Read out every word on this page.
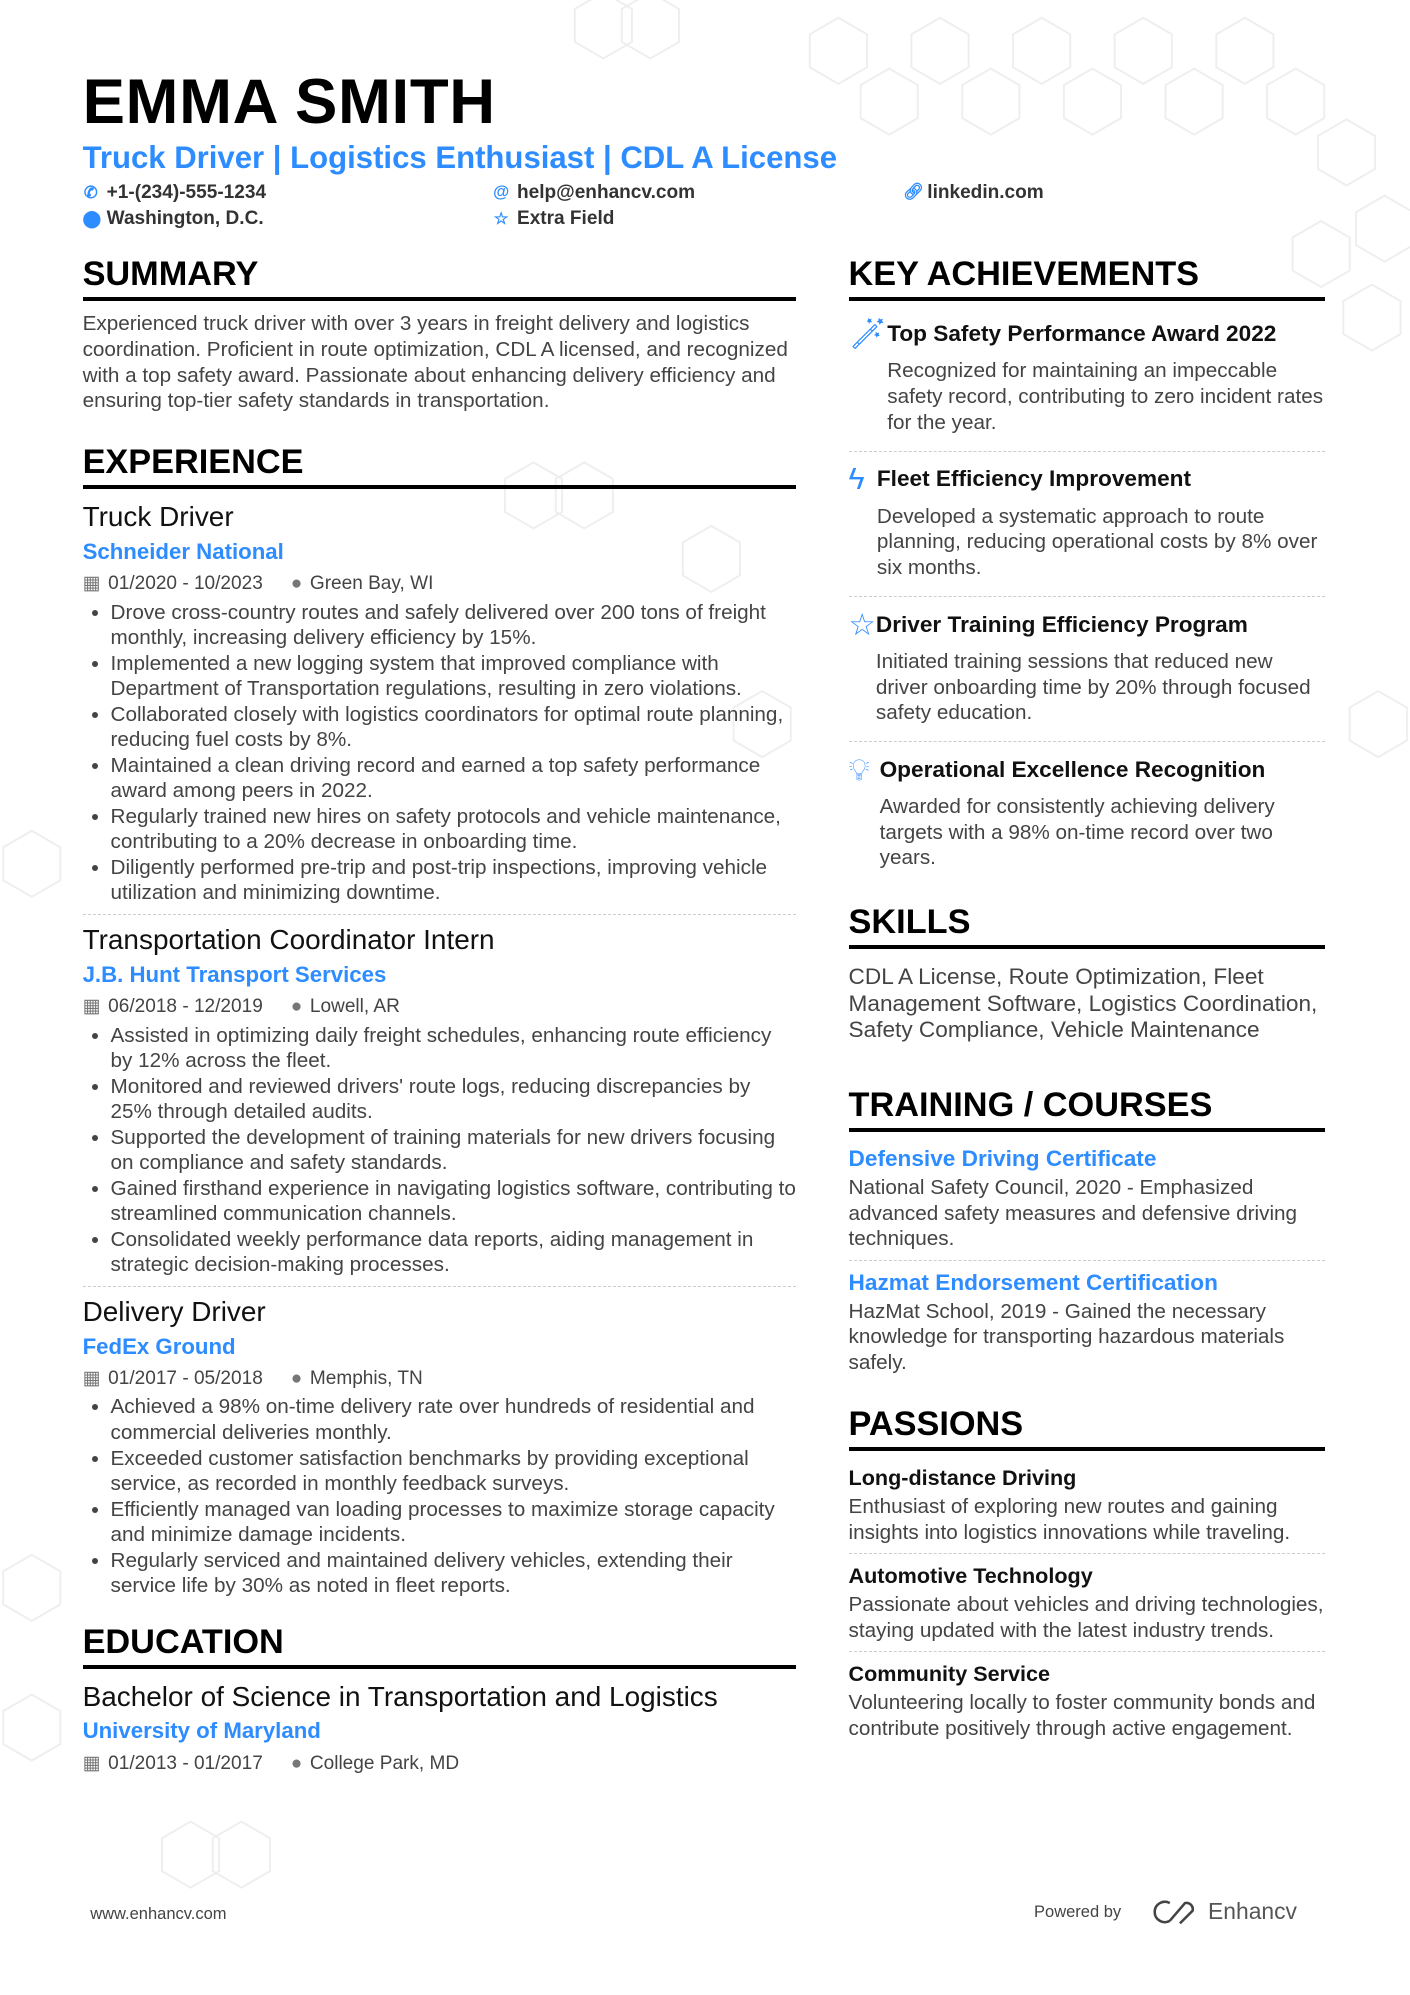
EMMA SMITH
Truck Driver | Logistics Enthusiast | CDL A License
✆ +1-(234)-555-1234	@ help@enhancv.com	🔗︎ linkedin.com
⬤ Washington, D.C.	☆ Extra Field
SUMMARY
Experienced truck driver with over 3 years in freight delivery and logistics coordination. Proficient in route optimization, CDL A licensed, and recognized with a top safety award. Passionate about enhancing delivery efficiency and ensuring top-tier safety standards in transportation.
EXPERIENCE
Truck Driver
Schneider National
▦ 01/2020 - 10/2023 ● Green Bay, WI
• Drove cross-country routes and safely delivered over 200 tons of freight monthly, increasing delivery efficiency by 15%.
• Implemented a new logging system that improved compliance with Department of Transportation regulations, resulting in zero violations.
• Collaborated closely with logistics coordinators for optimal route planning, reducing fuel costs by 8%.
• Maintained a clean driving record and earned a top safety performance award among peers in 2022.
• Regularly trained new hires on safety protocols and vehicle maintenance, contributing to a 20% decrease in onboarding time.
• Diligently performed pre-trip and post-trip inspections, improving vehicle utilization and minimizing downtime.
Transportation Coordinator Intern
J.B. Hunt Transport Services
▦ 06/2018 - 12/2019 ● Lowell, AR
• Assisted in optimizing daily freight schedules, enhancing route efficiency by 12% across the fleet.
• Monitored and reviewed drivers' route logs, reducing discrepancies by 25% through detailed audits.
• Supported the development of training materials for new drivers focusing on compliance and safety standards.
• Gained firsthand experience in navigating logistics software, contributing to streamlined communication channels.
• Consolidated weekly performance data reports, aiding management in strategic decision-making processes.
Delivery Driver
FedEx Ground
▦ 01/2017 - 05/2018 ● Memphis, TN
• Achieved a 98% on-time delivery rate over hundreds of residential and commercial deliveries monthly.
• Exceeded customer satisfaction benchmarks by providing exceptional service, as recorded in monthly feedback surveys.
• Efficiently managed van loading processes to maximize storage capacity and minimize damage incidents.
• Regularly serviced and maintained delivery vehicles, extending their service life by 30% as noted in fleet reports.
EDUCATION
Bachelor of Science in Transportation and Logistics
University of Maryland
▦ 01/2013 - 01/2017 ● College Park, MD
KEY ACHIEVEMENTS
🪄︎ Top Safety Performance Award 2022
Recognized for maintaining an impeccable safety record, contributing to zero incident rates for the year.
ϟ Fleet Efficiency Improvement
Developed a systematic approach to route planning, reducing operational costs by 8% over six months.
☆ Driver Training Efficiency Program
Initiated training sessions that reduced new driver onboarding time by 20% through focused safety education.
💡︎ Operational Excellence Recognition
Awarded for consistently achieving delivery targets with a 98% on-time record over two years.
SKILLS
CDL A License, Route Optimization, Fleet Management Software, Logistics Coordination, Safety Compliance, Vehicle Maintenance
TRAINING / COURSES
Defensive Driving Certificate
National Safety Council, 2020 - Emphasized advanced safety measures and defensive driving techniques.
Hazmat Endorsement Certification
HazMat School, 2019 - Gained the necessary knowledge for transporting hazardous materials safely.
PASSIONS
Long-distance Driving
Enthusiast of exploring new routes and gaining insights into logistics innovations while traveling.
Automotive Technology
Passionate about vehicles and driving technologies, staying updated with the latest industry trends.
Community Service
Volunteering locally to foster community bonds and contribute positively through active engagement.
www.enhancv.com	Powered by	Enhancv
